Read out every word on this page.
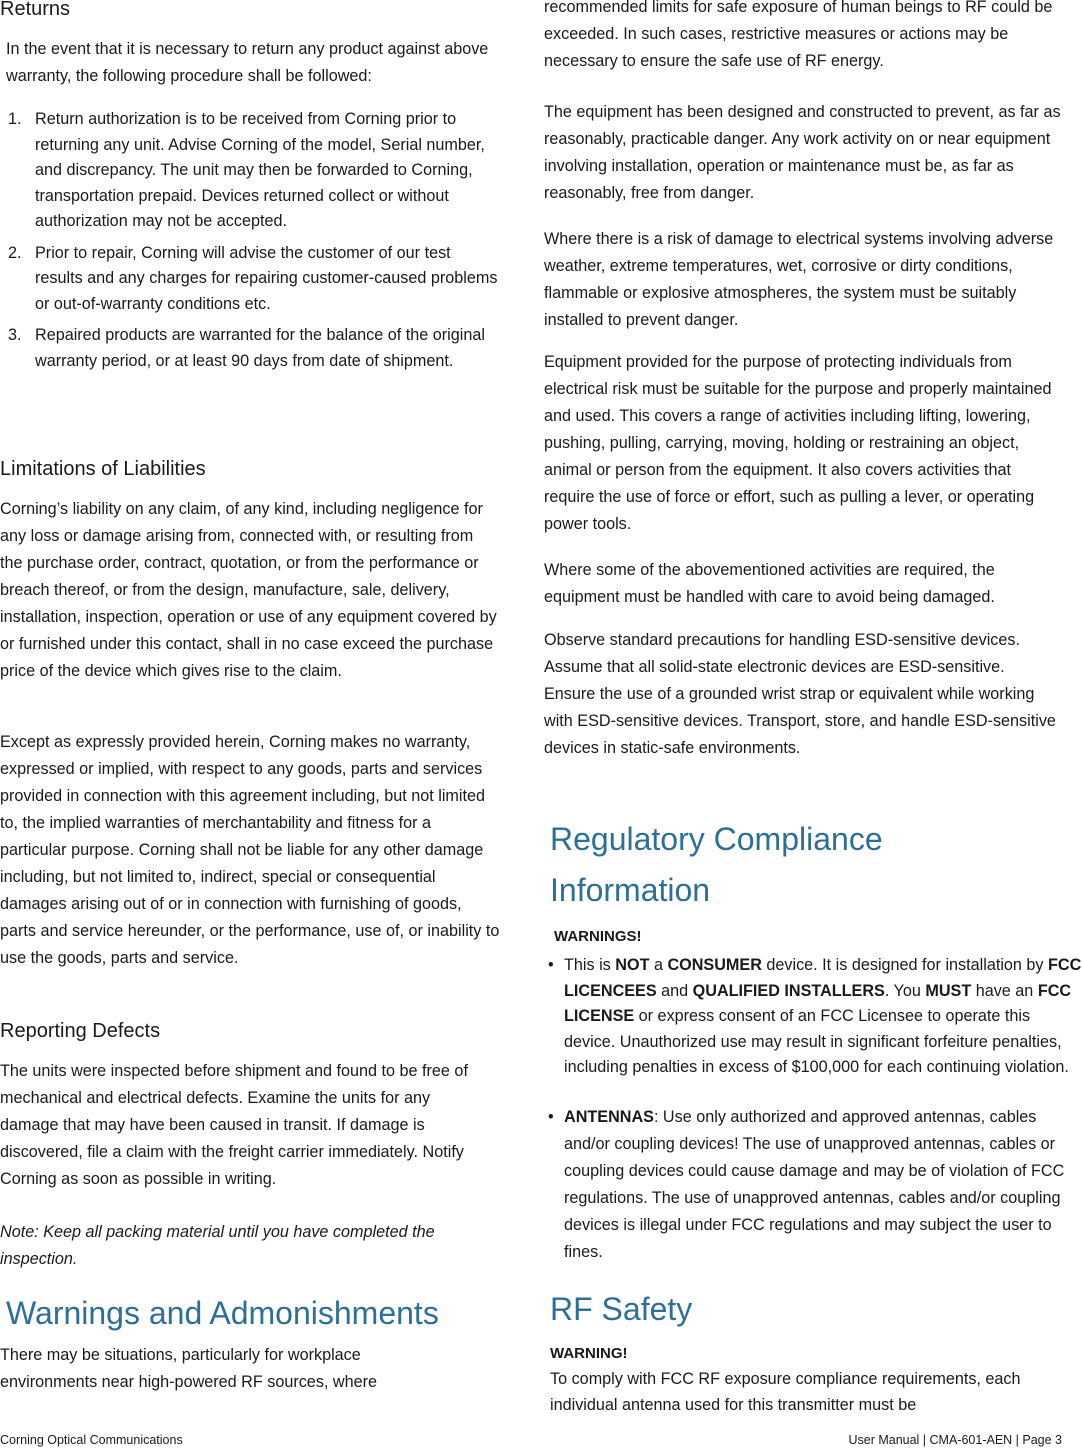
Returns

In the event that it is necessary to return any product against above warranty, the following procedure shall be followed:

1. Return authorization is to be received from Corning prior to returning any unit. Advise Corning of the model, Serial number, and discrepancy. The unit may then be forwarded to Corning, transportation prepaid. Devices returned collect or without authorization may not be accepted.
2. Prior to repair, Corning will advise the customer of our test results and any charges for repairing customer-caused problems or out-of-warranty conditions etc.
3. Repaired products are warranted for the balance of the original warranty period, or at least 90 days from date of shipment.
Limitations of Liabilities

Corning’s liability on any claim, of any kind, including negligence for any loss or damage arising from, connected with, or resulting from the purchase order, contract, quotation, or from the performance or breach thereof, or from the design, manufacture, sale, delivery, installation, inspection, operation or use of any equipment covered by or furnished under this contact, shall in no case exceed the purchase price of the device which gives rise to the claim.

Except as expressly provided herein, Corning makes no warranty, expressed or implied, with respect to any goods, parts and services provided in connection with this agreement including, but not limited to, the implied warranties of merchantability and fitness for a particular purpose. Corning shall not be liable for any other damage including, but not limited to, indirect, special or consequential damages arising out of or in connection with furnishing of goods, parts and service hereunder, or the performance, use of, or inability to use the goods, parts and service.

Reporting Defects

The units were inspected before shipment and found to be free of mechanical and electrical defects. Examine the units for any damage that may have been caused in transit. If damage is discovered, file a claim with the freight carrier immediately. Notify Corning as soon as possible in writing.

Note: Keep all packing material until you have completed the inspection.

Warnings and Admonishments

There may be situations, particularly for workplace environments near high-powered RF sources, where

recommended limits for safe exposure of human beings to RF could be exceeded. In such cases, restrictive measures or actions may be necessary to ensure the safe use of RF energy.

The equipment has been designed and constructed to prevent, as far as reasonably, practicable danger. Any work activity on or near equipment involving installation, operation or maintenance must be, as far as reasonably, free from danger.

Where there is a risk of damage to electrical systems involving adverse weather, extreme temperatures, wet, corrosive or dirty conditions, flammable or explosive atmospheres, the system must be suitably installed to prevent danger.

Equipment provided for the purpose of protecting individuals from electrical risk must be suitable for the purpose and properly maintained and used. This covers a range of activities including lifting, lowering, pushing, pulling, carrying, moving, holding or restraining an object, animal or person from the equipment. It also covers activities that require the use of force or effort, such as pulling a lever, or operating power tools.

Where some of the abovementioned activities are required, the equipment must be handled with care to avoid being damaged.

Observe standard precautions for handling ESD-sensitive devices. Assume that all solid-state electronic devices are ESD-sensitive. Ensure the use of a grounded wrist strap or equivalent while working with ESD-sensitive devices. Transport, store, and handle ESD-sensitive devices in static-safe environments.

Regulatory Compliance
Information
WARNINGS!
• This is NOT a CONSUMER device. It is designed for installation by FCC LICENCEES and QUALIFIED INSTALLERS. You MUST have an FCC LICENSE or express consent of an FCC Licensee to operate this device. Unauthorized use may result in significant forfeiture penalties, including penalties in excess of $100,000 for each continuing violation.
• ANTENNAS: Use only authorized and approved antennas, cables and/or coupling devices! The use of unapproved antennas, cables or coupling devices could cause damage and may be of violation of FCC regulations. The use of unapproved antennas, cables and/or coupling devices is illegal under FCC regulations and may subject the user to fines.
RF Safety
WARNING!

To comply with FCC RF exposure compliance requirements, each individual antenna used for this transmitter must be

Corning Optical Communications	User Manual | CMA-601-AEN | Page 3
